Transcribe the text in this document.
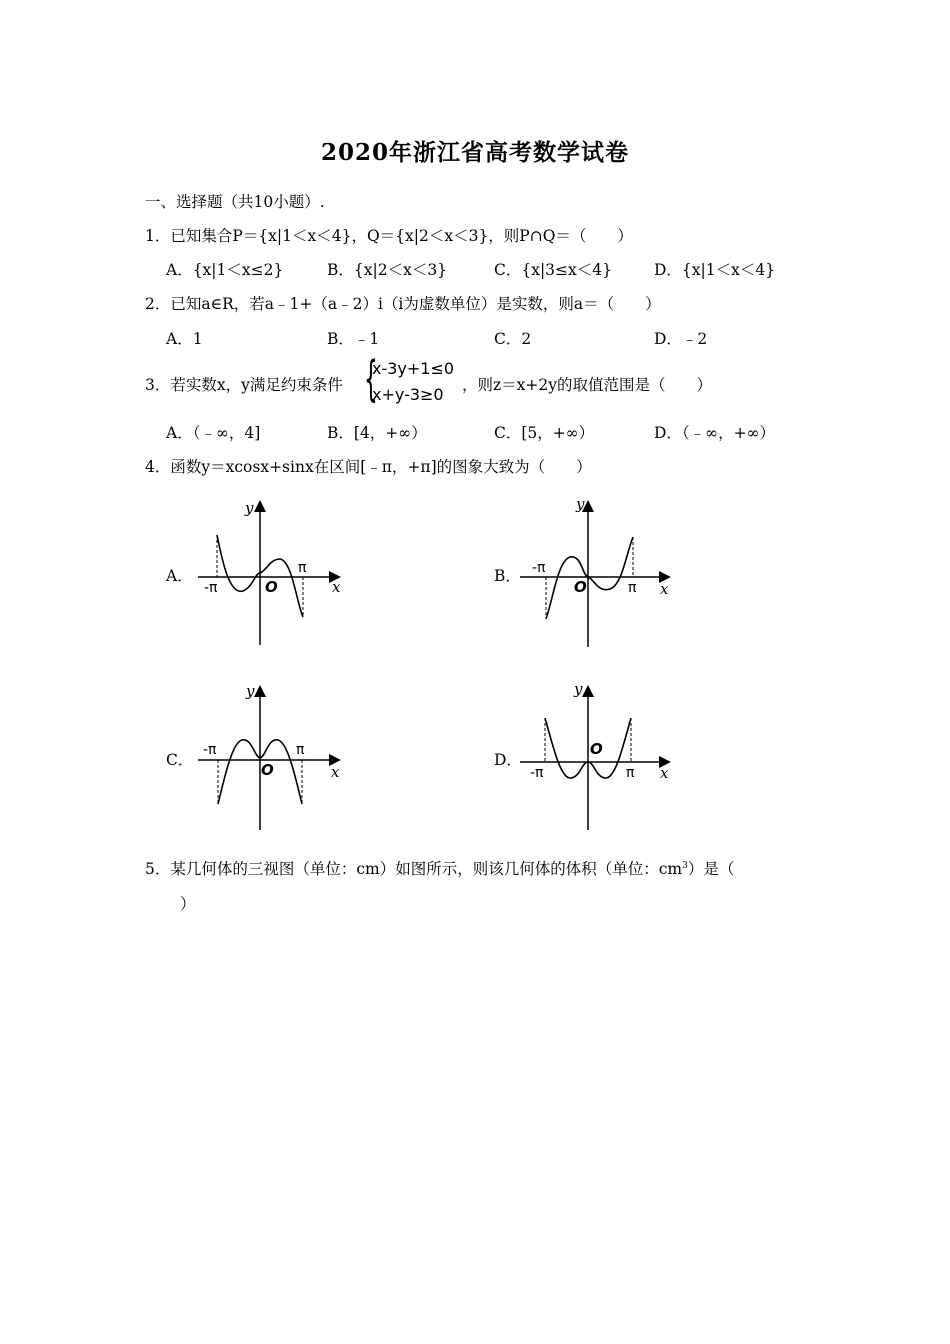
2020年浙江省高考数学试卷
一、选择题（共10小题）.
1．已知集合P＝{x|1＜x＜4}，Q＝{x|2＜x＜3}，则P∩Q＝（　　）
A．{x|1＜x≤2}	B．{x|2＜x＜3}	C．{x|3≤x＜4}	D．{x|1＜x＜4}
2．已知a∈R，若a﹣1+（a﹣2）i（i为虚数单位）是实数，则a＝（　　）
A．1	B．﹣1	C．2	D．﹣2
3．若实数x，y满足约束条件 {
x-3y+1≤0
x+y-3≥0 ，则z＝x+2y的取值范围是（　　）
A．（﹣∞，4]	B．[4，+∞）	C．[5，+∞）	D．（﹣∞，+∞）
4．函数y＝xcosx+sinx在区间[﹣π，+π]的图象大致为（　　）
A．	B．
C．	D．
y
x
O
-π
π
y
x
O
-π
π
y
x
O
-π	π
y
x
O
-π	π
5．某几何体的三视图（单位：cm）如图所示，则该几何体的体积（单位：$cm^3$）是（
）
